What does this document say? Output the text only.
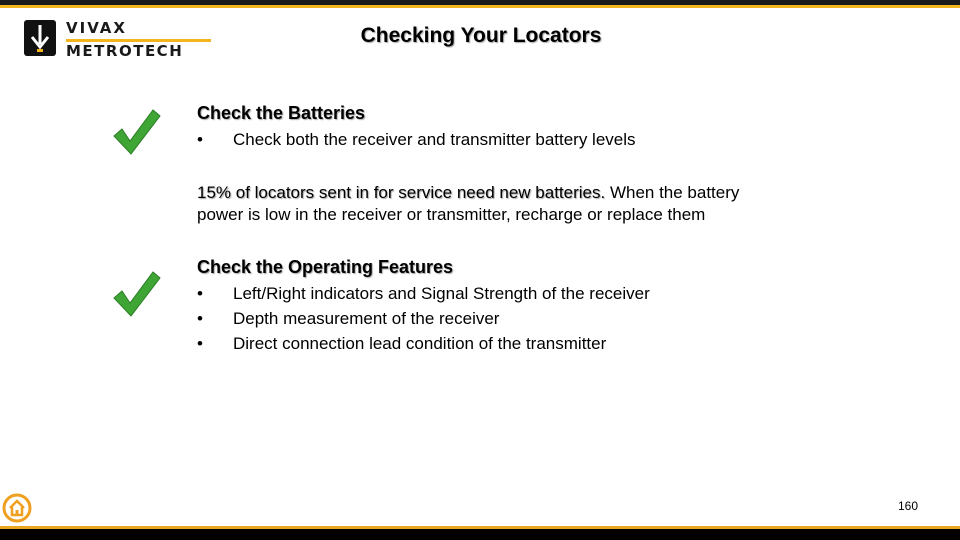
VIVAX
METROTECH
Checking Your Locators
Check the Batteries
• Check both the receiver and transmitter battery levels
15% of locators sent in for service need new batteries. When the battery
power is low in the receiver or transmitter, recharge or replace them
Check the Operating Features
• Left/Right indicators and Signal Strength of the receiver
• Depth measurement of the receiver
• Direct connection lead condition of the transmitter
160
